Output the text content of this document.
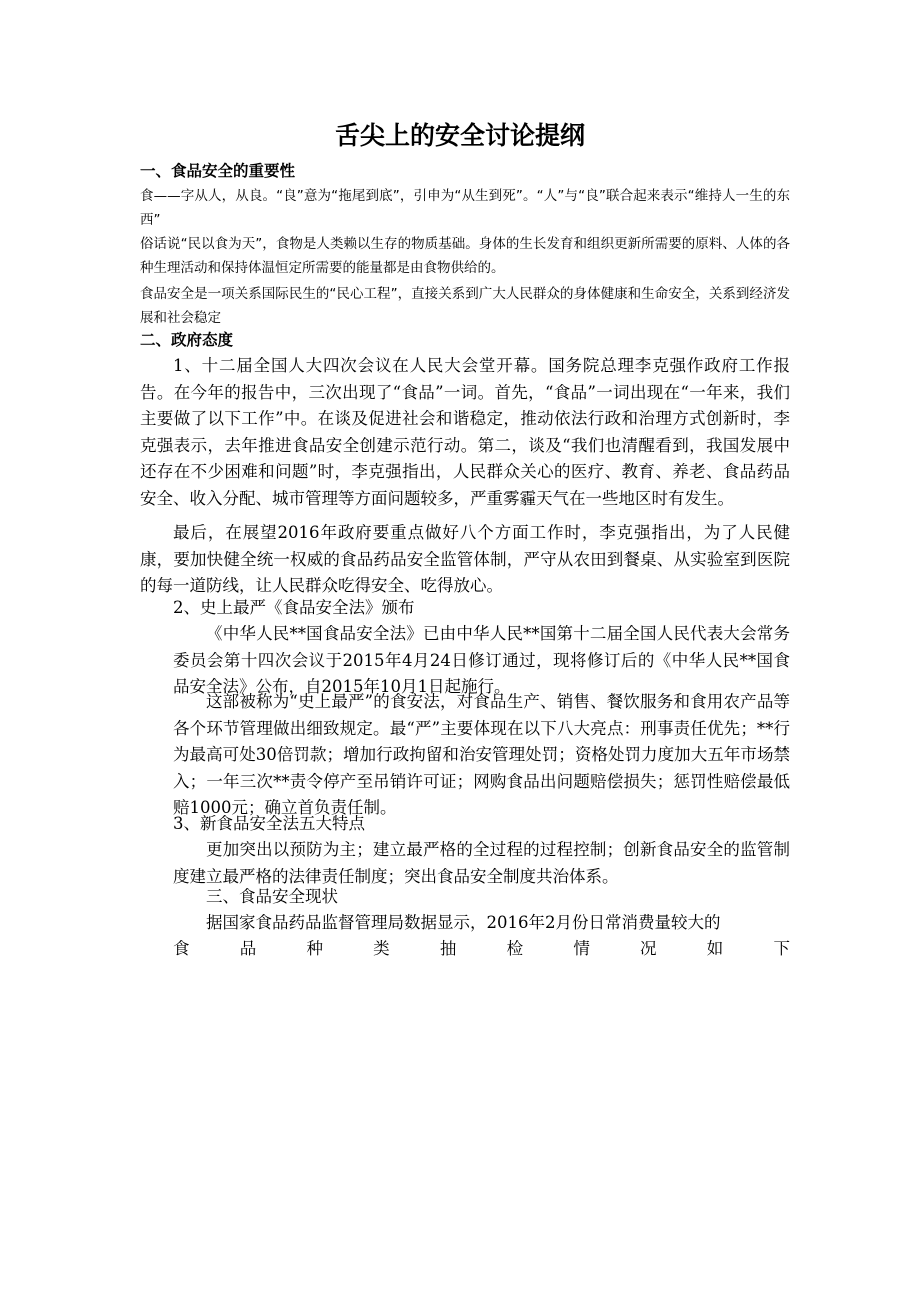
舌尖上的安全讨论提纲
一、食品安全的重要性
食——字从人，从良。“良”意为“拖尾到底”，引申为“从生到死”。“人”与“良”联合起来表示“维持人一生的东西”
俗话说“民以食为天”，食物是人类赖以生存的物质基础。身体的生长发育和组织更新所需要的原料、人体的各种生理活动和保持体温恒定所需要的能量都是由食物供给的。
食品安全是一项关系国际民生的“民心工程”，直接关系到广大人民群众的身体健康和生命安全，关系到经济发展和社会稳定
二、政府态度
1、十二届全国人大四次会议在人民大会堂开幕。国务院总理李克强作政府工作报告。在今年的报告中，三次出现了“食品”一词。首先，“食品”一词出现在“一年来，我们主要做了以下工作”中。在谈及促进社会和谐稳定，推动依法行政和治理方式创新时，李克强表示，去年推进食品安全创建示范行动。第二，谈及“我们也清醒看到，我国发展中还存在不少困难和问题”时，李克强指出，人民群众关心的医疗、教育、养老、食品药品安全、收入分配、城市管理等方面问题较多，严重雾霾天气在一些地区时有发生。
最后，在展望2016年政府要重点做好八个方面工作时，李克强指出，为了人民健康，要加快健全统一权威的食品药品安全监管体制，严守从农田到餐桌、从实验室到医院的每一道防线，让人民群众吃得安全、吃得放心。
2、史上最严《食品安全法》颁布
《中华人民**国食品安全法》已由中华人民**国第十二届全国人民代表大会常务委员会第十四次会议于2015年4月24日修订通过，现将修订后的《中华人民**国食品安全法》公布，自2015年10月1日起施行。
这部被称为“史上最严”的食安法，对食品生产、销售、餐饮服务和食用农产品等各个环节管理做出细致规定。最“严”主要体现在以下八大亮点：刑事责任优先；**行为最高可处30倍罚款；增加行政拘留和治安管理处罚；资格处罚力度加大五年市场禁入；一年三次**责令停产至吊销许可证；网购食品出问题赔偿损失；惩罚性赔偿最低赔1000元；确立首负责任制。
3、新食品安全法五大特点
更加突出以预防为主；建立最严格的全过程的过程控制；创新食品安全的监管制度建立最严格的法律责任制度；突出食品安全制度共治体系。
三、食品安全现状
据国家食品药品监督管理局数据显示，2016年2月份日常消费量较大的
食品种类抽检情况如下
